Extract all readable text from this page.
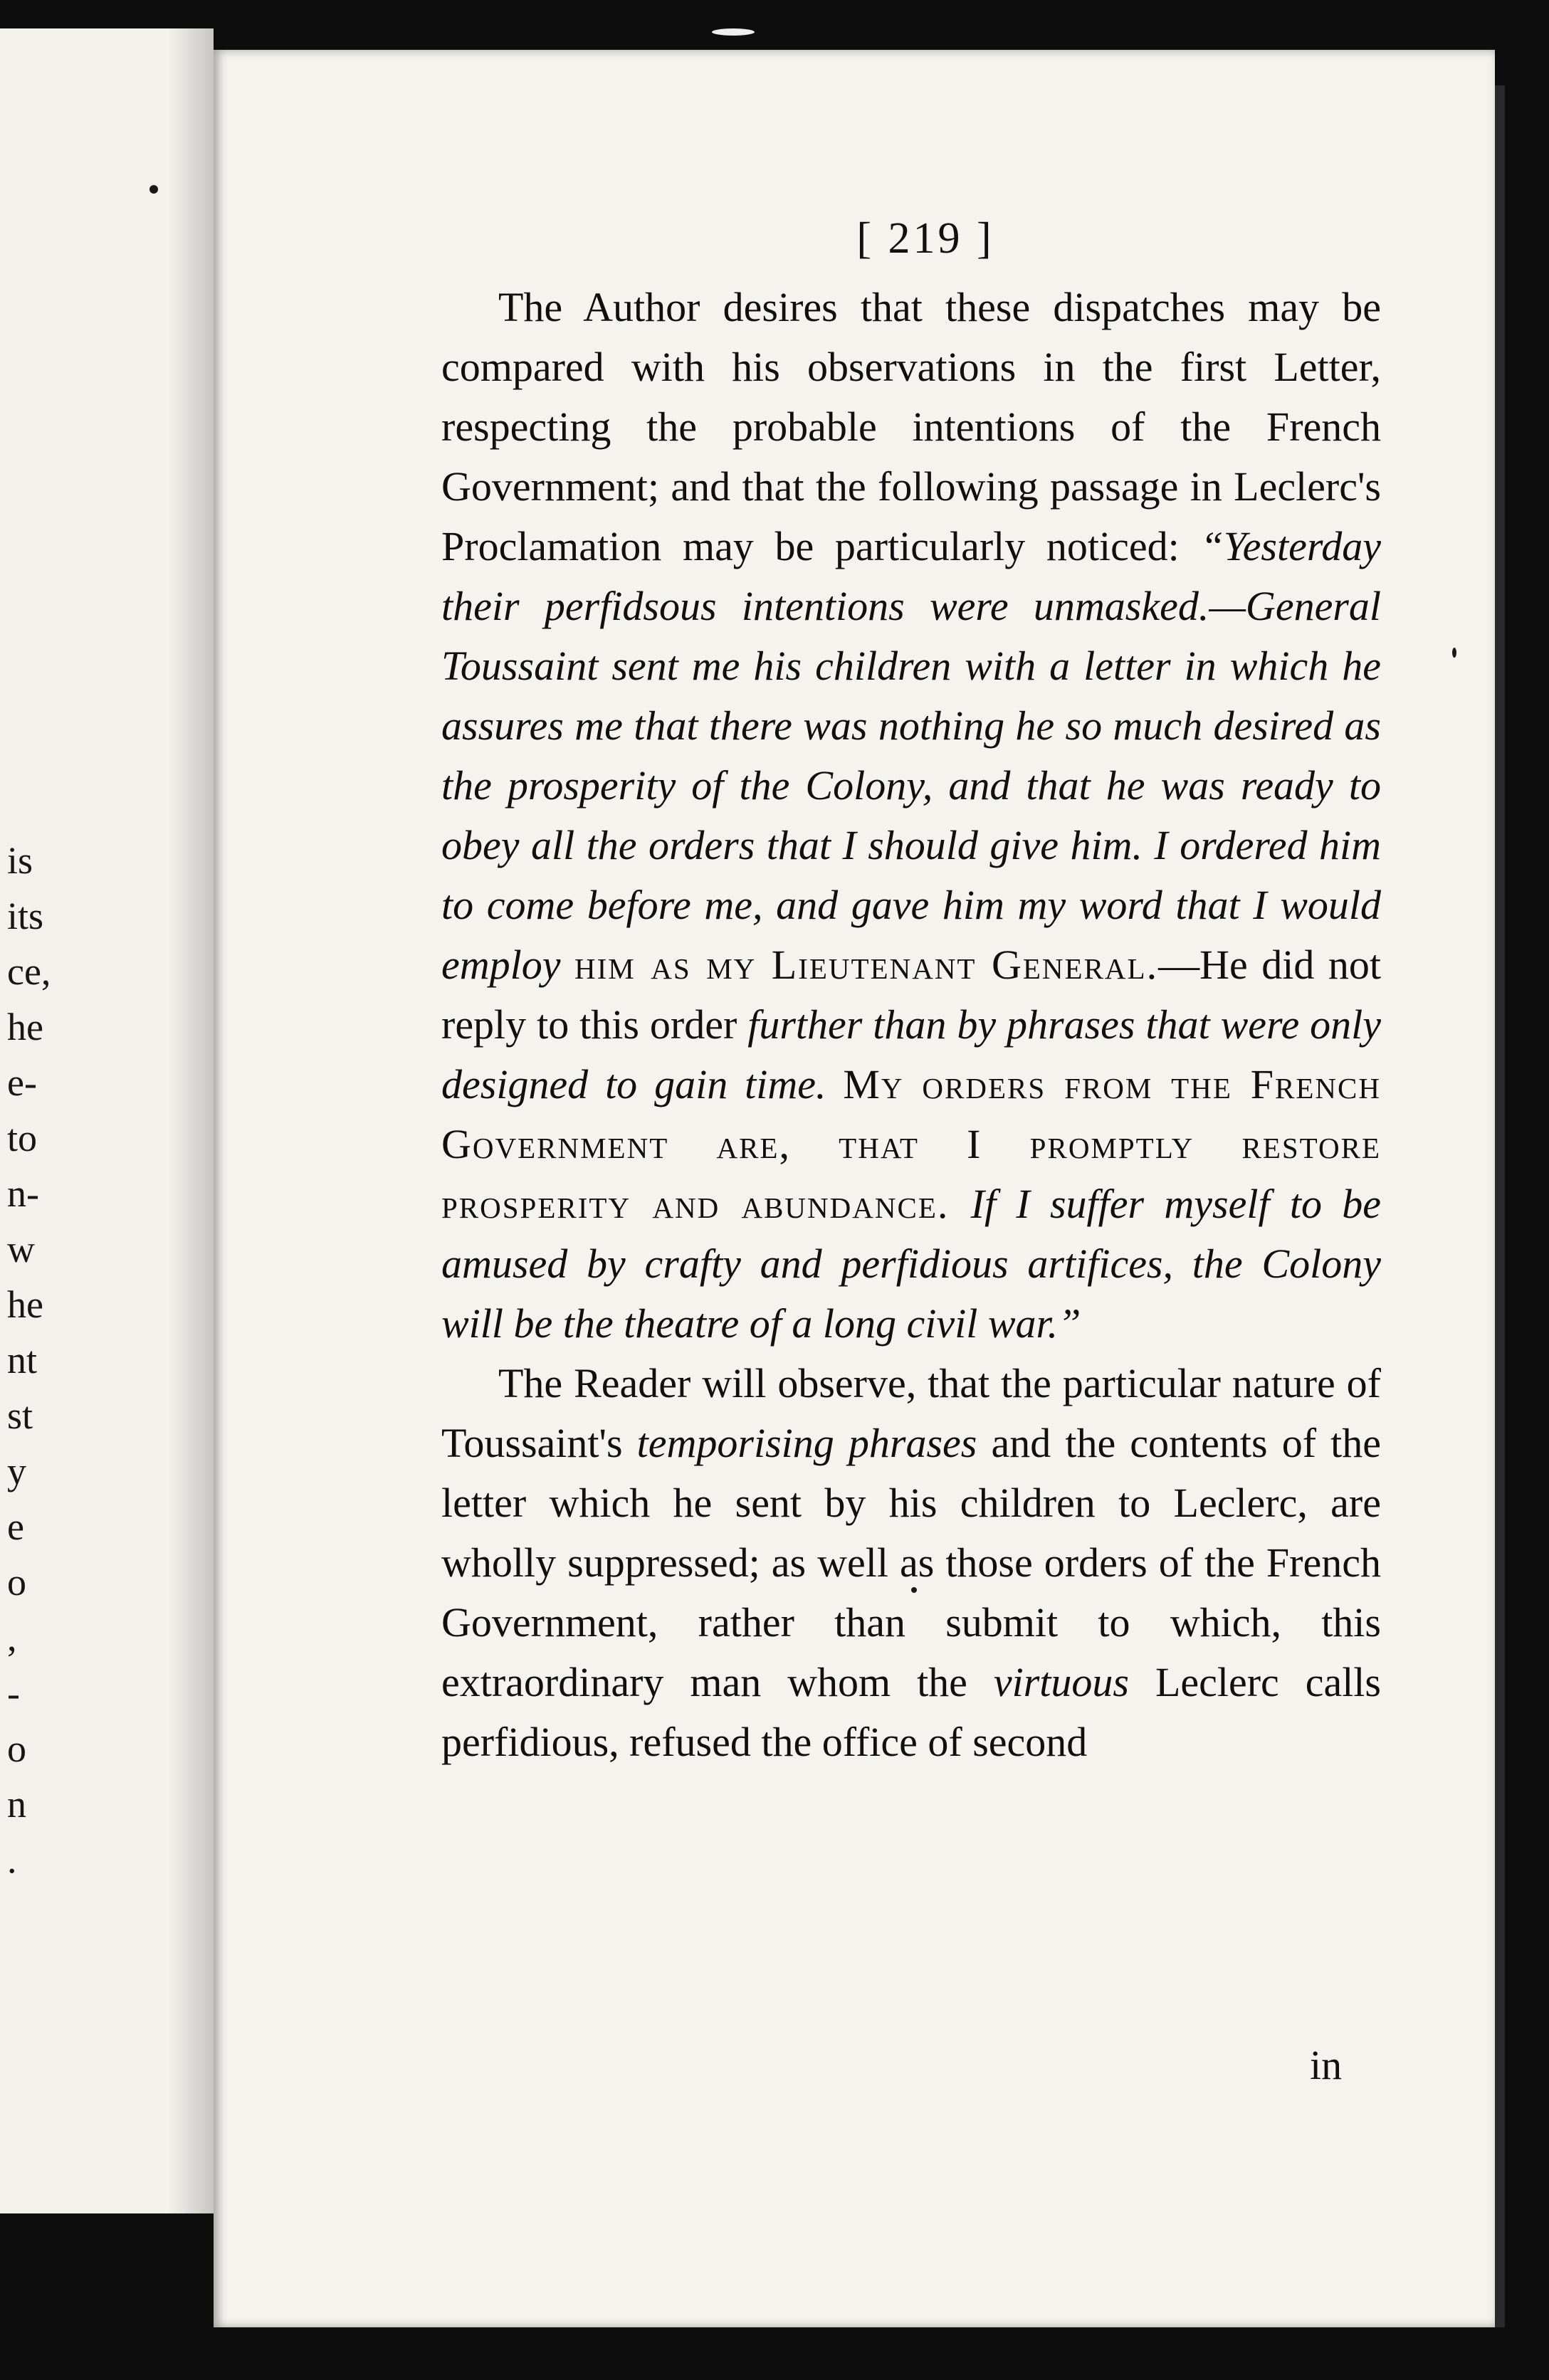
is
its
ce,
he
e-
to
n-
w
he
nt
st
y
e
o
,
-
o
n
.
[ 219 ]

The Author desires that these dispatches may be compared with his observations in the first Letter, respecting the probable intentions of the French Government; and that the following passage in Leclerc's Proclamation may be particularly noticed: “Yesterday their perfidsous intentions were unmasked.—General Toussaint sent me his children with a letter in which he assures me that there was nothing he so much desired as the prosperity of the Colony, and that he was ready to obey all the orders that I should give him. I ordered him to come before me, and gave him my word that I would employ him as my Lieutenant General.—He did not reply to this order further than by phrases that were only designed to gain time. My orders from the French Government are, that I promptly restore prosperity and abundance. If I suffer myself to be amused by crafty and perfidious artifices, the Colony will be the theatre of a long civil war.”

The Reader will observe, that the particular nature of Toussaint's temporising phrases and the contents of the letter which he sent by his children to Leclerc, are wholly suppressed; as well as those orders of the French Government, rather than submit to which, this extraordinary man whom the virtuous Leclerc calls perfidious, refused the office of second

in
